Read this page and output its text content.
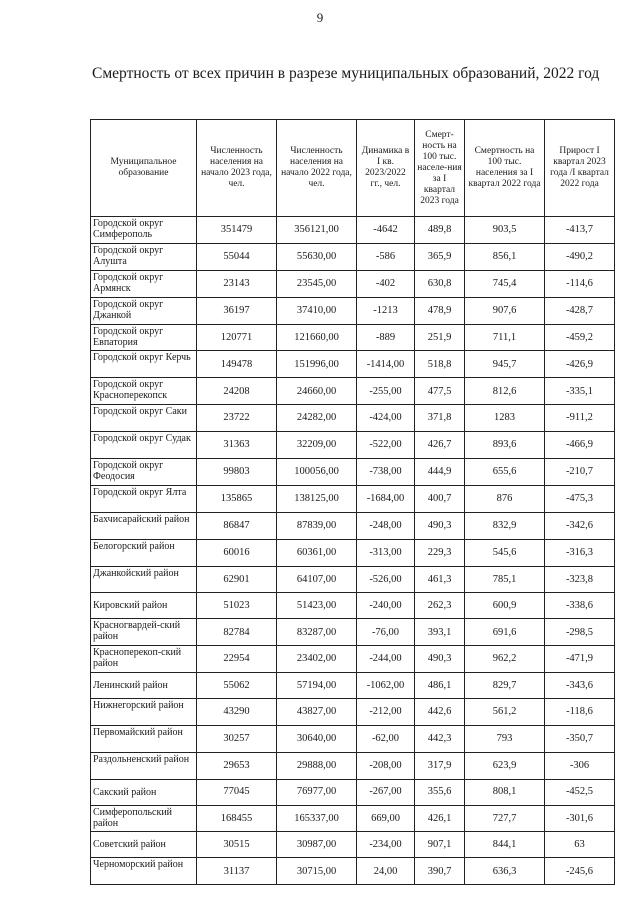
9
Смертность от всех причин в разрезе муниципальных образований, 2022 год
Муниципальное образование	Численность населения на начало 2023 года, чел.	Численность населения на начало 2022 года, чел.	Динамика в I кв. 2023/2022 гг., чел.	Смерт-ность на 100 тыс. населе-ния за I квартал 2023 года	Смертность на 100 тыс. населения за I квартал 2022 года	Прирост I квартал 2023 года /I квартал 2022 года
Городской округ Симферополь	351479	356121,00	-4642	489,8	903,5	-413,7
Городской округ Алушта	55044	55630,00	-586	365,9	856,1	-490,2
Городской округ Армянск	23143	23545,00	-402	630,8	745,4	-114,6
Городской округ Джанкой	36197	37410,00	-1213	478,9	907,6	-428,7
Городской округ Евпатория	120771	121660,00	-889	251,9	711,1	-459,2
Городской округ Керчь	149478	151996,00	-1414,00	518,8	945,7	-426,9
Городской округ Красноперекопск	24208	24660,00	-255,00	477,5	812,6	-335,1
Городской округ Саки	23722	24282,00	-424,00	371,8	1283	-911,2
Городской округ Судак	31363	32209,00	-522,00	426,7	893,6	-466,9
Городской округ Феодосия	99803	100056,00	-738,00	444,9	655,6	-210,7
Городской округ Ялта	135865	138125,00	-1684,00	400,7	876	-475,3
Бахчисарайский район	86847	87839,00	-248,00	490,3	832,9	-342,6
Белогорский район	60016	60361,00	-313,00	229,3	545,6	-316,3
Джанкойский район	62901	64107,00	-526,00	461,3	785,1	-323,8
Кировский район	51023	51423,00	-240,00	262,3	600,9	-338,6
Красногвардей-ский район	82784	83287,00	-76,00	393,1	691,6	-298,5
Красноперекоп-ский район	22954	23402,00	-244,00	490,3	962,2	-471,9
Ленинский район	55062	57194,00	-1062,00	486,1	829,7	-343,6
Нижнегорский район	43290	43827,00	-212,00	442,6	561,2	-118,6
Первомайский район	30257	30640,00	-62,00	442,3	793	-350,7
Раздольненский район	29653	29888,00	-208,00	317,9	623,9	-306
Сакский район	77045	76977,00	-267,00	355,6	808,1	-452,5
Симферопольский район	168455	165337,00	669,00	426,1	727,7	-301,6
Советский район	30515	30987,00	-234,00	907,1	844,1	63
Черноморский район	31137	30715,00	24,00	390,7	636,3	-245,6
